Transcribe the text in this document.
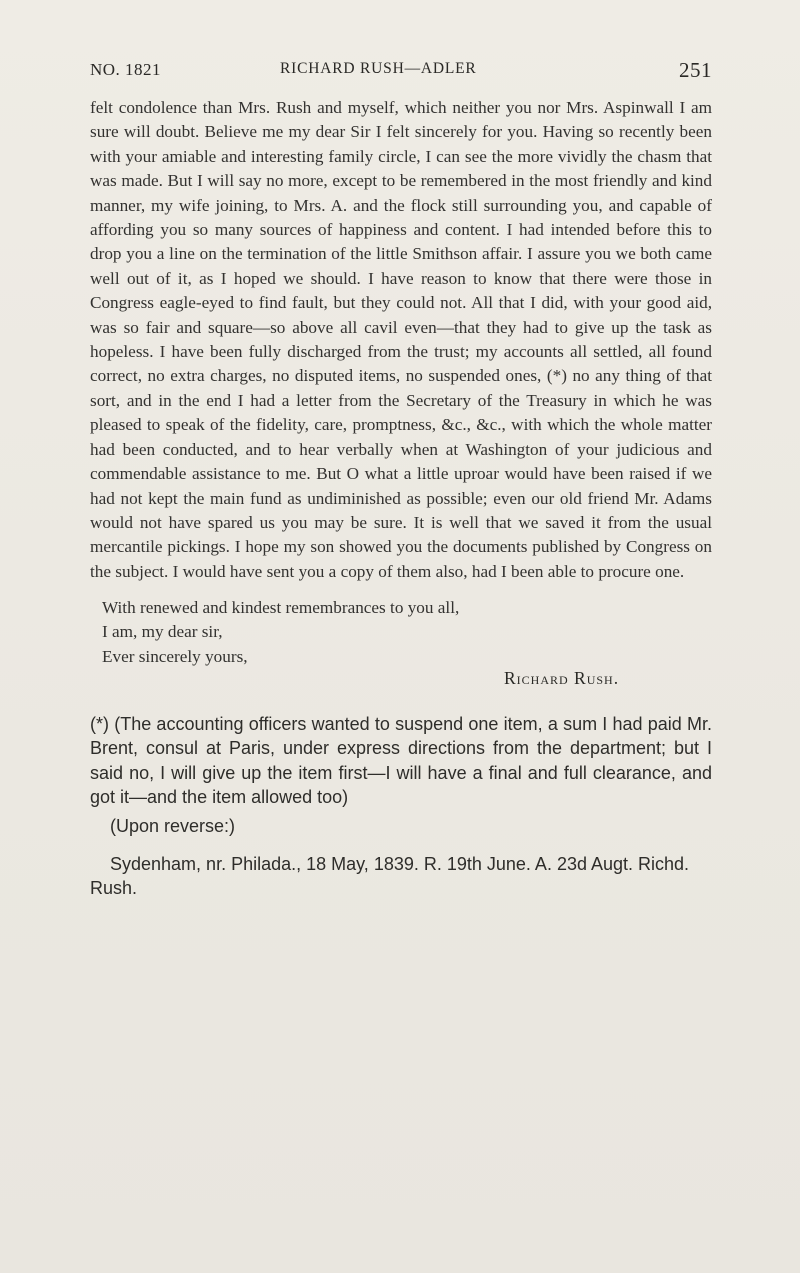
NO. 1821	RICHARD RUSH—ADLER	251

felt condolence than Mrs. Rush and myself, which neither you nor Mrs. Aspinwall I am sure will doubt. Believe me my dear Sir I felt sincerely for you. Having so recently been with your amiable and interesting family circle, I can see the more vividly the chasm that was made. But I will say no more, except to be remembered in the most friendly and kind manner, my wife joining, to Mrs. A. and the flock still surrounding you, and capable of affording you so many sources of happiness and content. I had intended before this to drop you a line on the termination of the little Smithson affair. I assure you we both came well out of it, as I hoped we should. I have reason to know that there were those in Congress eagle-eyed to find fault, but they could not. All that I did, with your good aid, was so fair and square—so above all cavil even—that they had to give up the task as hopeless. I have been fully discharged from the trust; my accounts all settled, all found correct, no extra charges, no disputed items, no suspended ones, (*) no any thing of that sort, and in the end I had a letter from the Secretary of the Treasury in which he was pleased to speak of the fidelity, care, promptness, &c., &c., with which the whole matter had been conducted, and to hear verbally when at Washington of your judicious and commendable assistance to me. But O what a little uproar would have been raised if we had not kept the main fund as undiminished as possible; even our old friend Mr. Adams would not have spared us you may be sure. It is well that we saved it from the usual mercantile pickings. I hope my son showed you the documents published by Congress on the subject. I would have sent you a copy of them also, had I been able to procure one.

With renewed and kindest remembrances to you all,
I am, my dear sir,
Ever sincerely yours,
Richard Rush.
(*) (The accounting officers wanted to suspend one item, a sum I had paid Mr. Brent, consul at Paris, under express directions from the department; but I said no, I will give up the item first—I will have a final and full clearance, and got it—and the item allowed too)
(Upon reverse:)
Sydenham, nr. Philada., 18 May, 1839. R. 19th June. A. 23d Augt. Richd. Rush.
